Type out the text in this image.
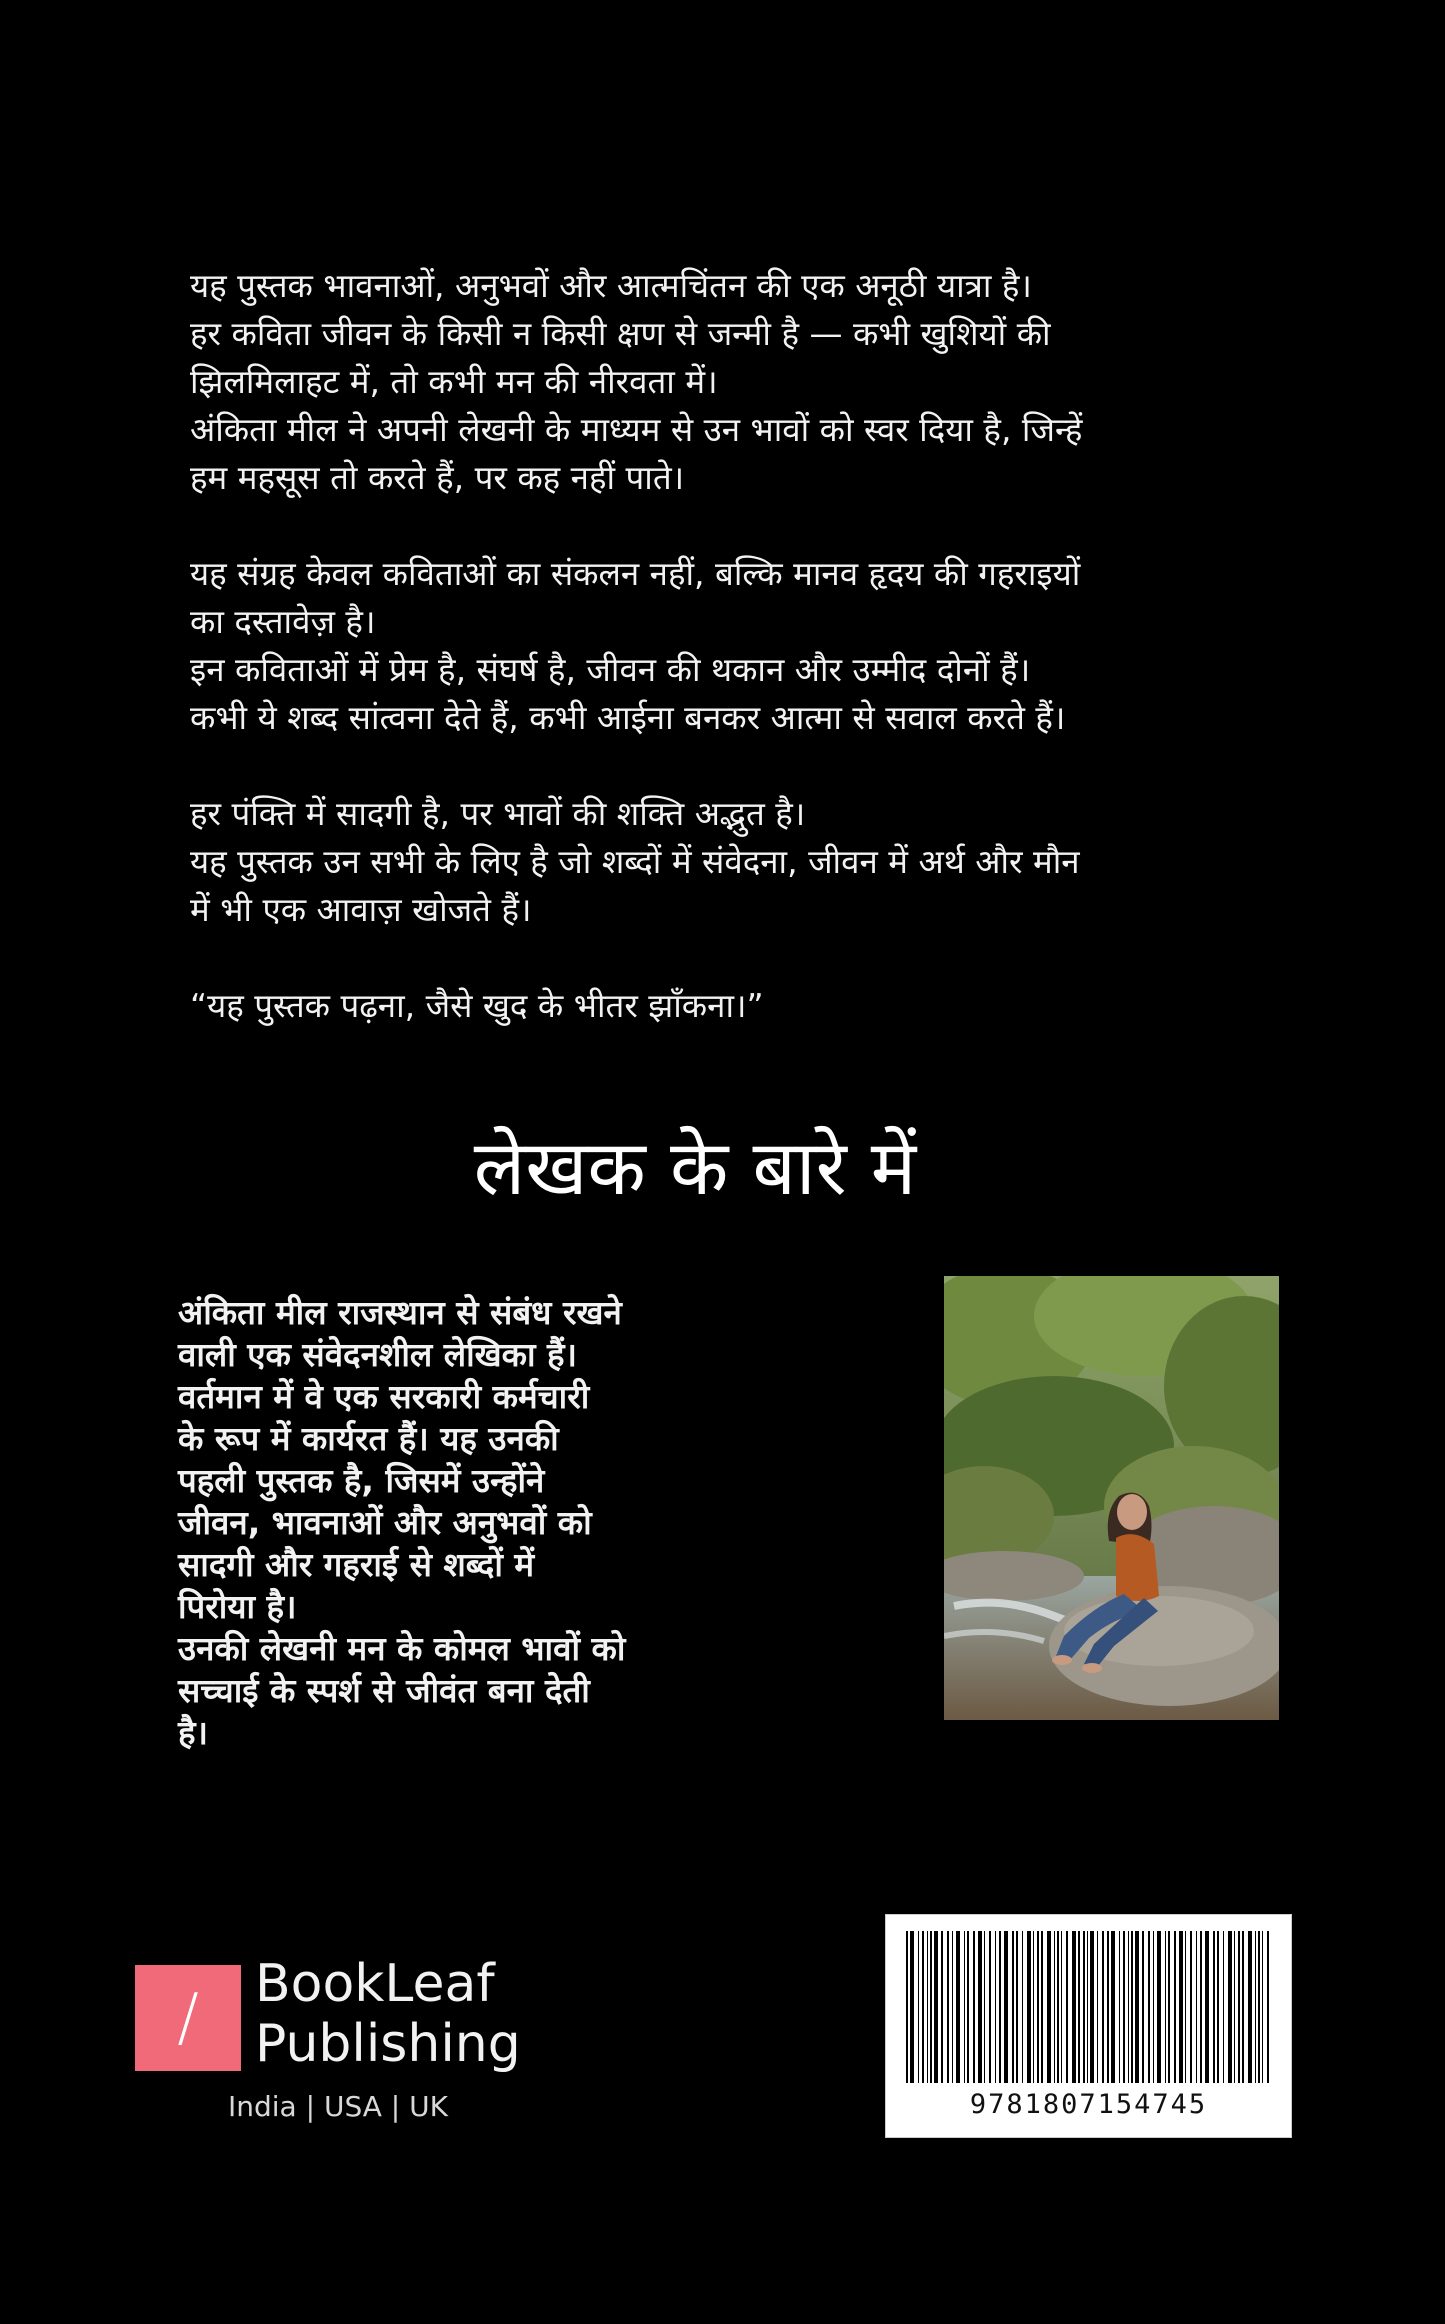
यह पुस्तक भावनाओं, अनुभवों और आत्मचिंतन की एक अनूठी यात्रा है।
हर कविता जीवन के किसी न किसी क्षण से जन्मी है — कभी खुशियों की
झिलमिलाहट में, तो कभी मन की नीरवता में।
अंकिता मील ने अपनी लेखनी के माध्यम से उन भावों को स्वर दिया है, जिन्हें
हम महसूस तो करते हैं, पर कह नहीं पाते।

यह संग्रह केवल कविताओं का संकलन नहीं, बल्कि मानव हृदय की गहराइयों
का दस्तावेज़ है।
इन कविताओं में प्रेम है, संघर्ष है, जीवन की थकान और उम्मीद दोनों हैं।
कभी ये शब्द सांत्वना देते हैं, कभी आईना बनकर आत्मा से सवाल करते हैं।

हर पंक्ति में सादगी है, पर भावों की शक्ति अद्भुत है।
यह पुस्तक उन सभी के लिए है जो शब्दों में संवेदना, जीवन में अर्थ और मौन
में भी एक आवाज़ खोजते हैं।

“यह पुस्तक पढ़ना, जैसे खुद के भीतर झाँकना।”

लेखक के बारे में
अंकिता मील राजस्थान से संबंध रखने
वाली एक संवेदनशील लेखिका हैं।
वर्तमान में वे एक सरकारी कर्मचारी
के रूप में कार्यरत हैं। यह उनकी
पहली पुस्तक है, जिसमें उन्होंने
जीवन, भावनाओं और अनुभवों को
सादगी और गहराई से शब्दों में
पिरोया है।
उनकी लेखनी मन के कोमल भावों को
सच्चाई के स्पर्श से जीवंत बना देती
है।
/	BookLeaf
Publishing
India | USA | UK	9781807154745
